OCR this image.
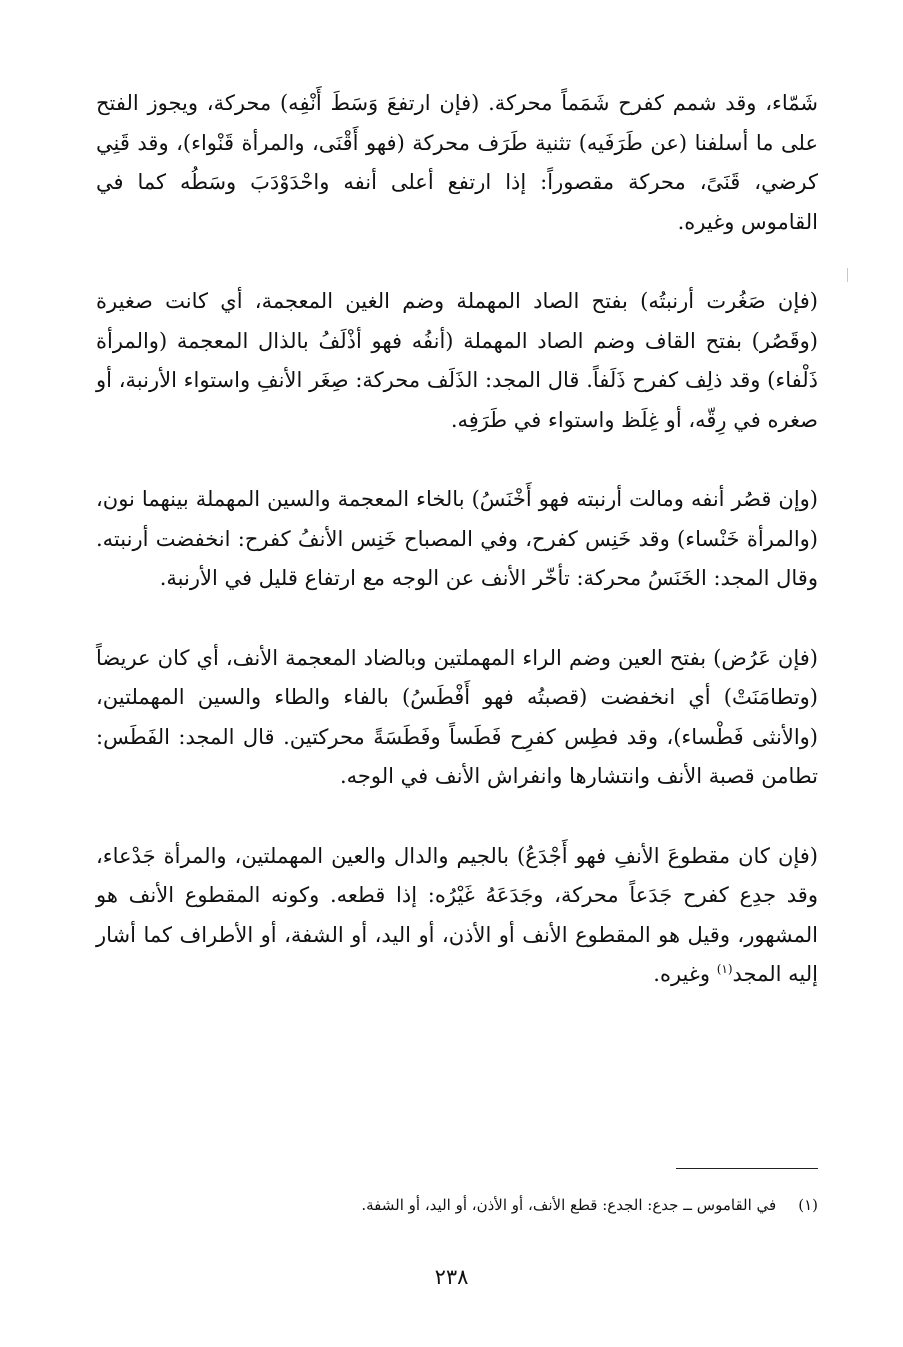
شَمّاء، وقد شمم كفرح شَمَماً محركة. (فإن ارتفعَ وَسَطَ أَنْفِه) محركة، ويجوز الفتح على ما أسلفنا (عن طَرَفَيه) تثنية طَرَف محركة (فهو أَقْنَى، والمرأة قَنْواء)، وقد قَنِي كرضي، قَنَىً، محركة مقصوراً: إذا ارتفع أعلى أنفه واحْدَوْدَبَ وسَطُه كما في القاموس وغيره.

(فإن صَغُرت أرنبتُه) بفتح الصاد المهملة وضم الغين المعجمة، أي كانت صغيرة (وقَصُر) بفتح القاف وضم الصاد المهملة (أنفُه فهو أذْلَفُ بالذال المعجمة (والمرأة ذَلْفاء) وقد ذلِف كفرح ذَلَفاً. قال المجد: الذَلَف محركة: صِغَر الأنفِ واستواء الأرنبة، أو صغره في رِقّه، أو غِلَظ واستواء في طَرَفِه.

(وإن قصُر أنفه ومالت أرنبته فهو أَخْنَسُ) بالخاء المعجمة والسين المهملة بينهما نون، (والمرأة خَنْساء) وقد خَنِس كفرح، وفي المصباح خَنِس الأنفُ كفرح: انخفضت أرنبته. وقال المجد: الخَنَسُ محركة: تأخّر الأنف عن الوجه مع ارتفاع قليل في الأرنبة.

(فإن عَرُض) بفتح العين وضم الراء المهملتين وبالضاد المعجمة الأنف، أي كان عريضاً (وتطامَنَتْ) أي انخفضت (قصبتُه فهو أَفْطَسُ) بالفاء والطاء والسين المهملتين، (والأنثى فَطْساء)، وقد فطِس كفرِح فَطَساً وفَطَسَةً محركتين. قال المجد: الفَطَس: تطامن قصبة الأنف وانتشارها وانفراش الأنف في الوجه.

(فإن كان مقطوعَ الأنفِ فهو أَجْدَعُ) بالجيم والدال والعين المهملتين، والمرأة جَدْعاء، وقد جدِع كفرح جَدَعاً محركة، وجَدَعَهُ غَيْرُه: إذا قطعه. وكونه المقطوع الأنف هو المشهور، وقيل هو المقطوع الأنف أو الأذن، أو اليد، أو الشفة، أو الأطراف كما أشار إليه المجد$^{(١)}$ وغيره.

(١)في القاموس ــ جدع: الجدع: قطع الأنف، أو الأذن، أو اليد، أو الشفة.
٢٣٨
